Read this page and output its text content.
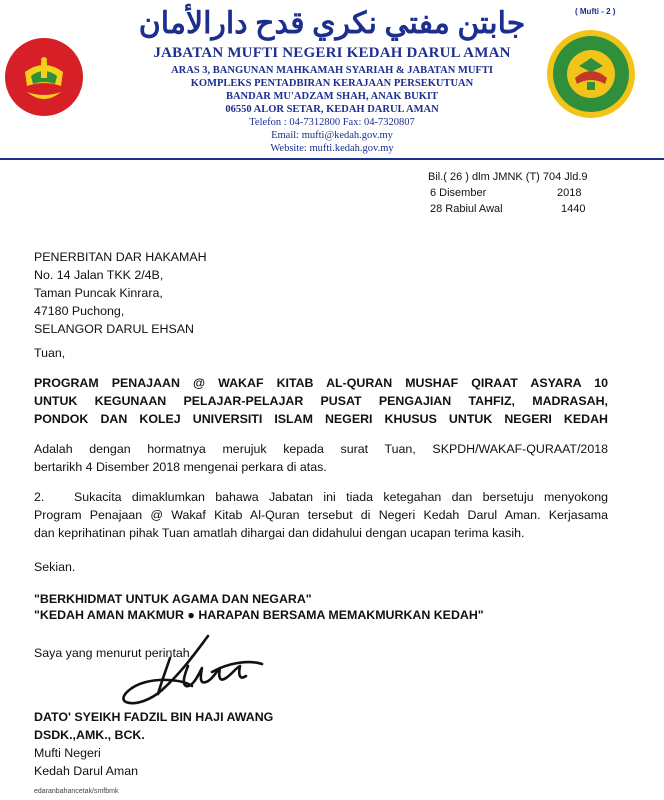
( Mufti - 2 )
جابتن مفتي نكري قدح دارالأمان
JABATAN MUFTI NEGERI KEDAH DARUL AMAN
ARAS 3, BANGUNAN MAHKAMAH SYARIAH & JABATAN MUFTI
KOMPLEKS PENTADBIRAN KERAJAAN PERSEKUTUAN
BANDAR MU'ADZAM SHAH, ANAK BUKIT
06550 ALOR SETAR, KEDAH DARUL AMAN
Telefon : 04-7312800 Fax: 04-7320807
Email: mufti@kedah.gov.my
Website: mufti.kedah.gov.my
Bil.( 26 ) dlm JMNK (T) 704 Jld.9
6 Disember	2018
28 Rabiul Awal	1440
PENERBITAN DAR HAKAMAH
No. 14 Jalan TKK 2/4B,
Taman Puncak Kinrara,
47180 Puchong,
SELANGOR DARUL EHSAN
Tuan,
PROGRAM PENAJAAN @ WAKAF KITAB AL-QURAN MUSHAF QIRAAT ASYARA 10
UNTUK KEGUNAAN PELAJAR-PELAJAR PUSAT PENGAJIAN TAHFIZ, MADRASAH,
PONDOK DAN KOLEJ UNIVERSITI ISLAM NEGERI KHUSUS UNTUK NEGERI KEDAH
Adalah dengan hormatnya merujuk kepada surat Tuan, SKPDH/WAKAF-QURAAT/2018
bertarikh 4 Disember 2018 mengenai perkara di atas.
2.	Sukacita dimaklumkan bahawa Jabatan ini tiada ketegahan dan bersetuju menyokong
Program Penajaan @ Wakaf Kitab Al-Quran tersebut di Negeri Kedah Darul Aman. Kerjasama
dan keprihatinan pihak Tuan amatlah dihargai dan didahului dengan ucapan terima kasih.
Sekian.
"BERKHIDMAT UNTUK AGAMA DAN NEGARA"
"KEDAH AMAN MAKMUR ● HARAPAN BERSAMA MEMAKMURKAN KEDAH"
Saya yang menurut perintah,
DATO' SYEIKH FADZIL BIN HAJI AWANG
DSDK.,AMK., BCK.
Mufti Negeri
Kedah Darul Aman
edaranbahancetak/smfbmk
